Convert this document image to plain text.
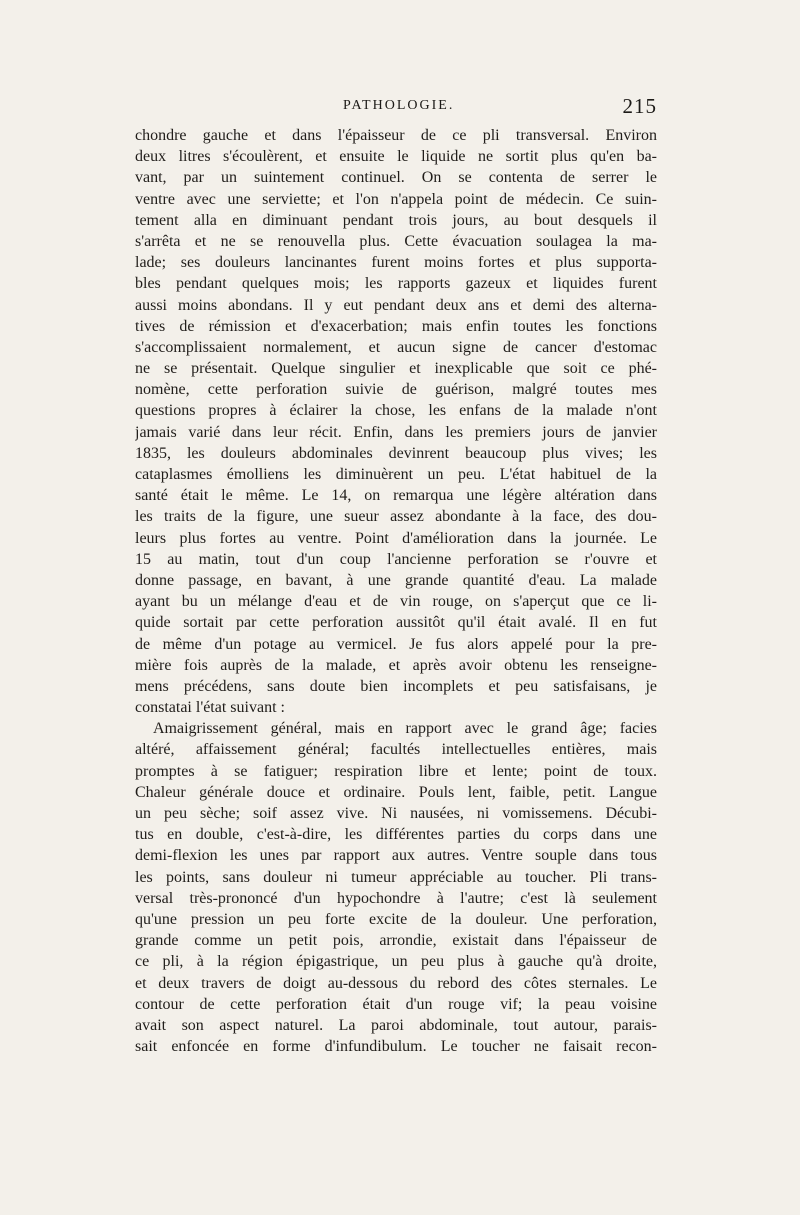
PATHOLOGIE.	215
chondre gauche et dans l'épaisseur de ce pli transversal. Environ
deux litres s'écoulèrent, et ensuite le liquide ne sortit plus qu'en ba-
vant, par un suintement continuel. On se contenta de serrer le
ventre avec une serviette; et l'on n'appela point de médecin. Ce suin-
tement alla en diminuant pendant trois jours, au bout desquels il
s'arrêta et ne se renouvella plus. Cette évacuation soulagea la ma-
lade; ses douleurs lancinantes furent moins fortes et plus supporta-
bles pendant quelques mois; les rapports gazeux et liquides furent
aussi moins abondans. Il y eut pendant deux ans et demi des alterna-
tives de rémission et d'exacerbation; mais enfin toutes les fonctions
s'accomplissaient normalement, et aucun signe de cancer d'estomac
ne se présentait. Quelque singulier et inexplicable que soit ce phé-
nomène, cette perforation suivie de guérison, malgré toutes mes
questions propres à éclairer la chose, les enfans de la malade n'ont
jamais varié dans leur récit. Enfin, dans les premiers jours de janvier
1835, les douleurs abdominales devinrent beaucoup plus vives; les
cataplasmes émolliens les diminuèrent un peu. L'état habituel de la
santé était le même. Le 14, on remarqua une légère altération dans
les traits de la figure, une sueur assez abondante à la face, des dou-
leurs plus fortes au ventre. Point d'amélioration dans la journée. Le
15 au matin, tout d'un coup l'ancienne perforation se r'ouvre et
donne passage, en bavant, à une grande quantité d'eau. La malade
ayant bu un mélange d'eau et de vin rouge, on s'aperçut que ce li-
quide sortait par cette perforation aussitôt qu'il était avalé. Il en fut
de même d'un potage au vermicel. Je fus alors appelé pour la pre-
mière fois auprès de la malade, et après avoir obtenu les renseigne-
mens précédens, sans doute bien incomplets et peu satisfaisans, je
constatai l'état suivant :
Amaigrissement général, mais en rapport avec le grand âge; facies
altéré, affaissement général; facultés intellectuelles entières, mais
promptes à se fatiguer; respiration libre et lente; point de toux.
Chaleur générale douce et ordinaire. Pouls lent, faible, petit. Langue
un peu sèche; soif assez vive. Ni nausées, ni vomissemens. Décubi-
tus en double, c'est-à-dire, les différentes parties du corps dans une
demi-flexion les unes par rapport aux autres. Ventre souple dans tous
les points, sans douleur ni tumeur appréciable au toucher. Pli trans-
versal très-prononcé d'un hypochondre à l'autre; c'est là seulement
qu'une pression un peu forte excite de la douleur. Une perforation,
grande comme un petit pois, arrondie, existait dans l'épaisseur de
ce pli, à la région épigastrique, un peu plus à gauche qu'à droite,
et deux travers de doigt au-dessous du rebord des côtes sternales. Le
contour de cette perforation était d'un rouge vif; la peau voisine
avait son aspect naturel. La paroi abdominale, tout autour, parais-
sait enfoncée en forme d'infundibulum. Le toucher ne faisait recon-
